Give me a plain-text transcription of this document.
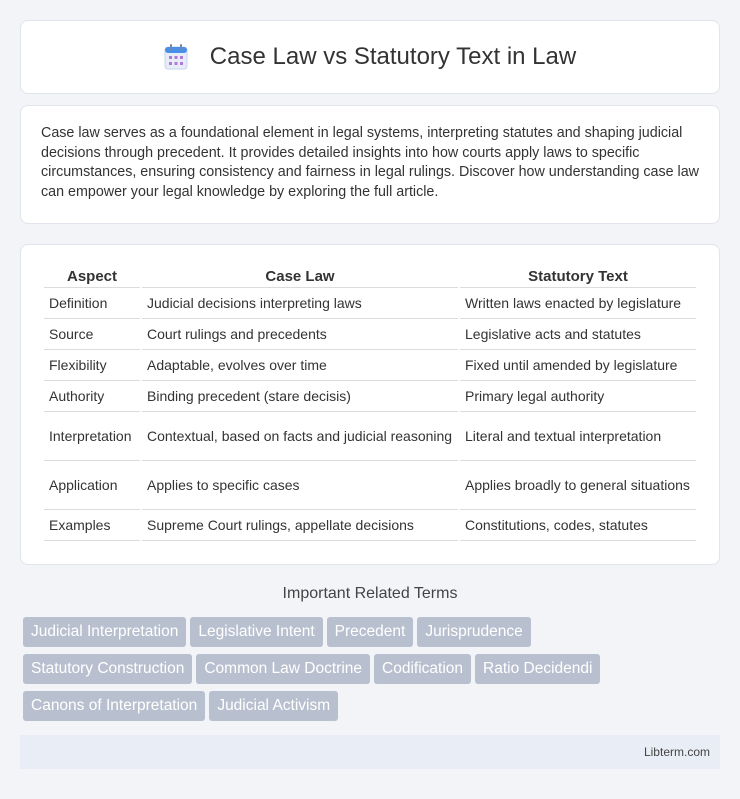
Case Law vs Statutory Text in Law

Case law serves as a foundational element in legal systems, interpreting statutes and shaping judicial decisions through precedent. It provides detailed insights into how courts apply laws to specific circumstances, ensuring consistency and fairness in legal rulings. Discover how understanding case law can empower your legal knowledge by exploring the full article.

Aspect	Case Law	Statutory Text
Definition	Judicial decisions interpreting laws	Written laws enacted by legislature
Source	Court rulings and precedents	Legislative acts and statutes
Flexibility	Adaptable, evolves over time	Fixed until amended by legislature
Authority	Binding precedent (stare decisis)	Primary legal authority
Interpretation	Contextual, based on facts and judicial reasoning	Literal and textual interpretation
Application	Applies to specific cases	Applies broadly to general situations
Examples	Supreme Court rulings, appellate decisions	Constitutions, codes, statutes
Important Related Terms
Judicial Interpretation Legislative Intent Precedent Jurisprudence
Statutory Construction Common Law Doctrine Codification Ratio Decidendi
Canons of Interpretation Judicial Activism
Libterm.com
